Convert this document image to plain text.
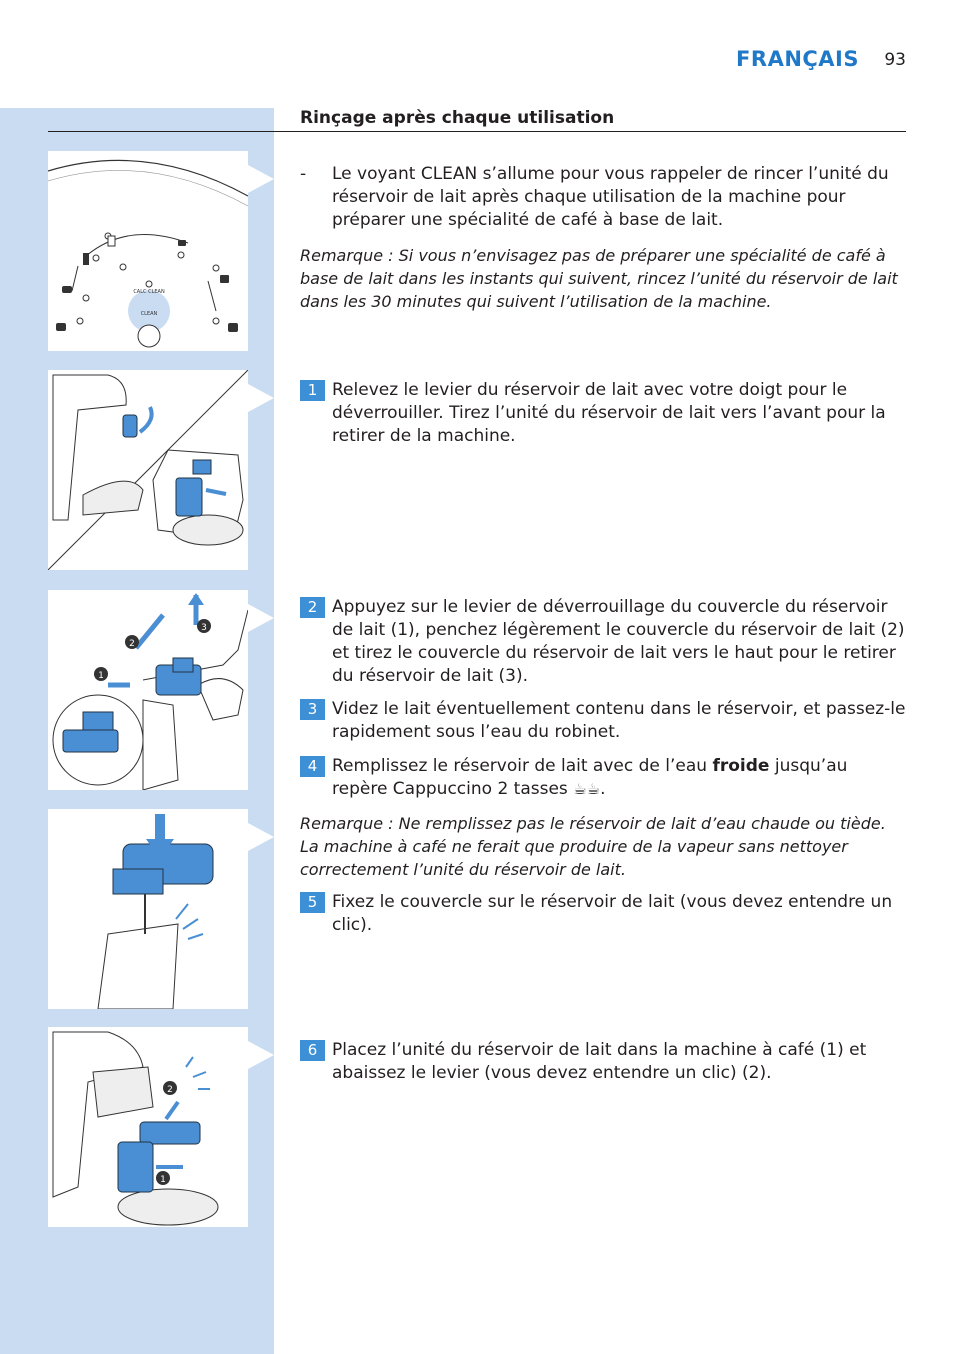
FRANÇAIS 93
Rinçage après chaque utilisation
CALC CLEAN
CLEAN
3
2
1
2
1
- Le voyant CLEAN s’allume pour vous rappeler de rincer l’unité du réservoir de lait après chaque utilisation de la machine pour préparer une spécialité de café à base de lait.
Remarque : Si vous n’envisagez pas de préparer une spécialité de café à base de lait dans les instants qui suivent, rincez l’unité du réservoir de lait dans les 30 minutes qui suivent l’utilisation de la machine.
1 Relevez le levier du réservoir de lait avec votre doigt pour le déverrouiller. Tirez l’unité du réservoir de lait vers l’avant pour la retirer de la machine.
2 Appuyez sur le levier de déverrouillage du couvercle du réservoir de lait (1), penchez légèrement le couvercle du réservoir de lait (2) et tirez le couvercle du réservoir de lait vers le haut pour le retirer du réservoir de lait (3).
3 Videz le lait éventuellement contenu dans le réservoir, et passez-le rapidement sous l’eau du robinet.
4 Remplissez le réservoir de lait avec de l’eau froide jusqu’au repère Cappuccino 2 tasses ☕☕.
Remarque : Ne remplissez pas le réservoir de lait d’eau chaude ou tiède. La machine à café ne ferait que produire de la vapeur sans nettoyer correctement l’unité du réservoir de lait.
5 Fixez le couvercle sur le réservoir de lait (vous devez entendre un clic).
6 Placez l’unité du réservoir de lait dans la machine à café (1) et abaissez le levier (vous devez entendre un clic) (2).
